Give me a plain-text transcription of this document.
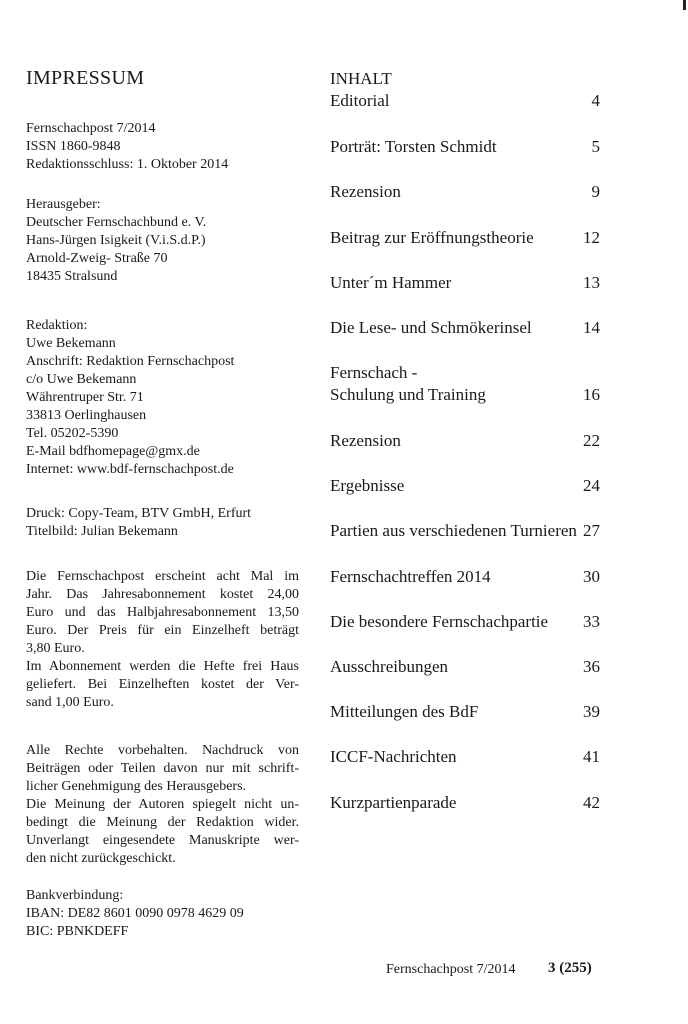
IMPRESSUM
Fernschachpost 7/2014
ISSN 1860-9848
Redaktionsschluss: 1. Oktober 2014
Herausgeber:
Deutscher Fernschachbund e. V.
Hans-Jürgen Isigkeit (V.i.S.d.P.)
Arnold-Zweig- Straße 70
18435 Stralsund
Redaktion:
Uwe Bekemann
Anschrift: Redaktion Fernschachpost
c/o Uwe Bekemann
Währentruper Str. 71
33813 Oerlinghausen
Tel. 05202-5390
E-Mail bdfhomepage@gmx.de
Internet: www.bdf-fernschachpost.de
Druck: Copy-Team, BTV GmbH, Erfurt
Titelbild: Julian Bekemann
Die Fernschachpost erscheint acht Mal im
Jahr. Das Jahresabonnement kostet 24,00
Euro und das Halbjahresabonnement 13,50
Euro. Der Preis für ein Einzelheft beträgt
3,80 Euro.
Im Abonnement werden die Hefte frei Haus
geliefert. Bei Einzelheften kostet der Ver-
sand 1,00 Euro.
Alle Rechte vorbehalten. Nachdruck von
Beiträgen oder Teilen davon nur mit schrift-
licher Genehmigung des Herausgebers.
Die Meinung der Autoren spiegelt nicht un-
bedingt die Meinung der Redaktion wider.
Unverlangt eingesendete Manuskripte wer-
den nicht zurückgeschickt.
Bankverbindung:
IBAN: DE82 8601 0090 0978 4629 09
BIC: PBNKDEFF
INHALT
Editorial	4
Porträt: Torsten Schmidt	5
Rezension	9
Beitrag zur Eröffnungstheorie	12
Unter´m Hammer	13
Die Lese- und Schmökerinsel	14
Fernschach -
Schulung und Training	16
Rezension	22
Ergebnisse	24
Partien aus verschiedenen Turnieren 27
Fernschachtreffen 2014	30
Die besondere Fernschachpartie	33
Ausschreibungen	36
Mitteilungen des BdF	39
ICCF-Nachrichten	41
Kurzpartienparade	42
Fernschachpost 7/2014 3 (255)
